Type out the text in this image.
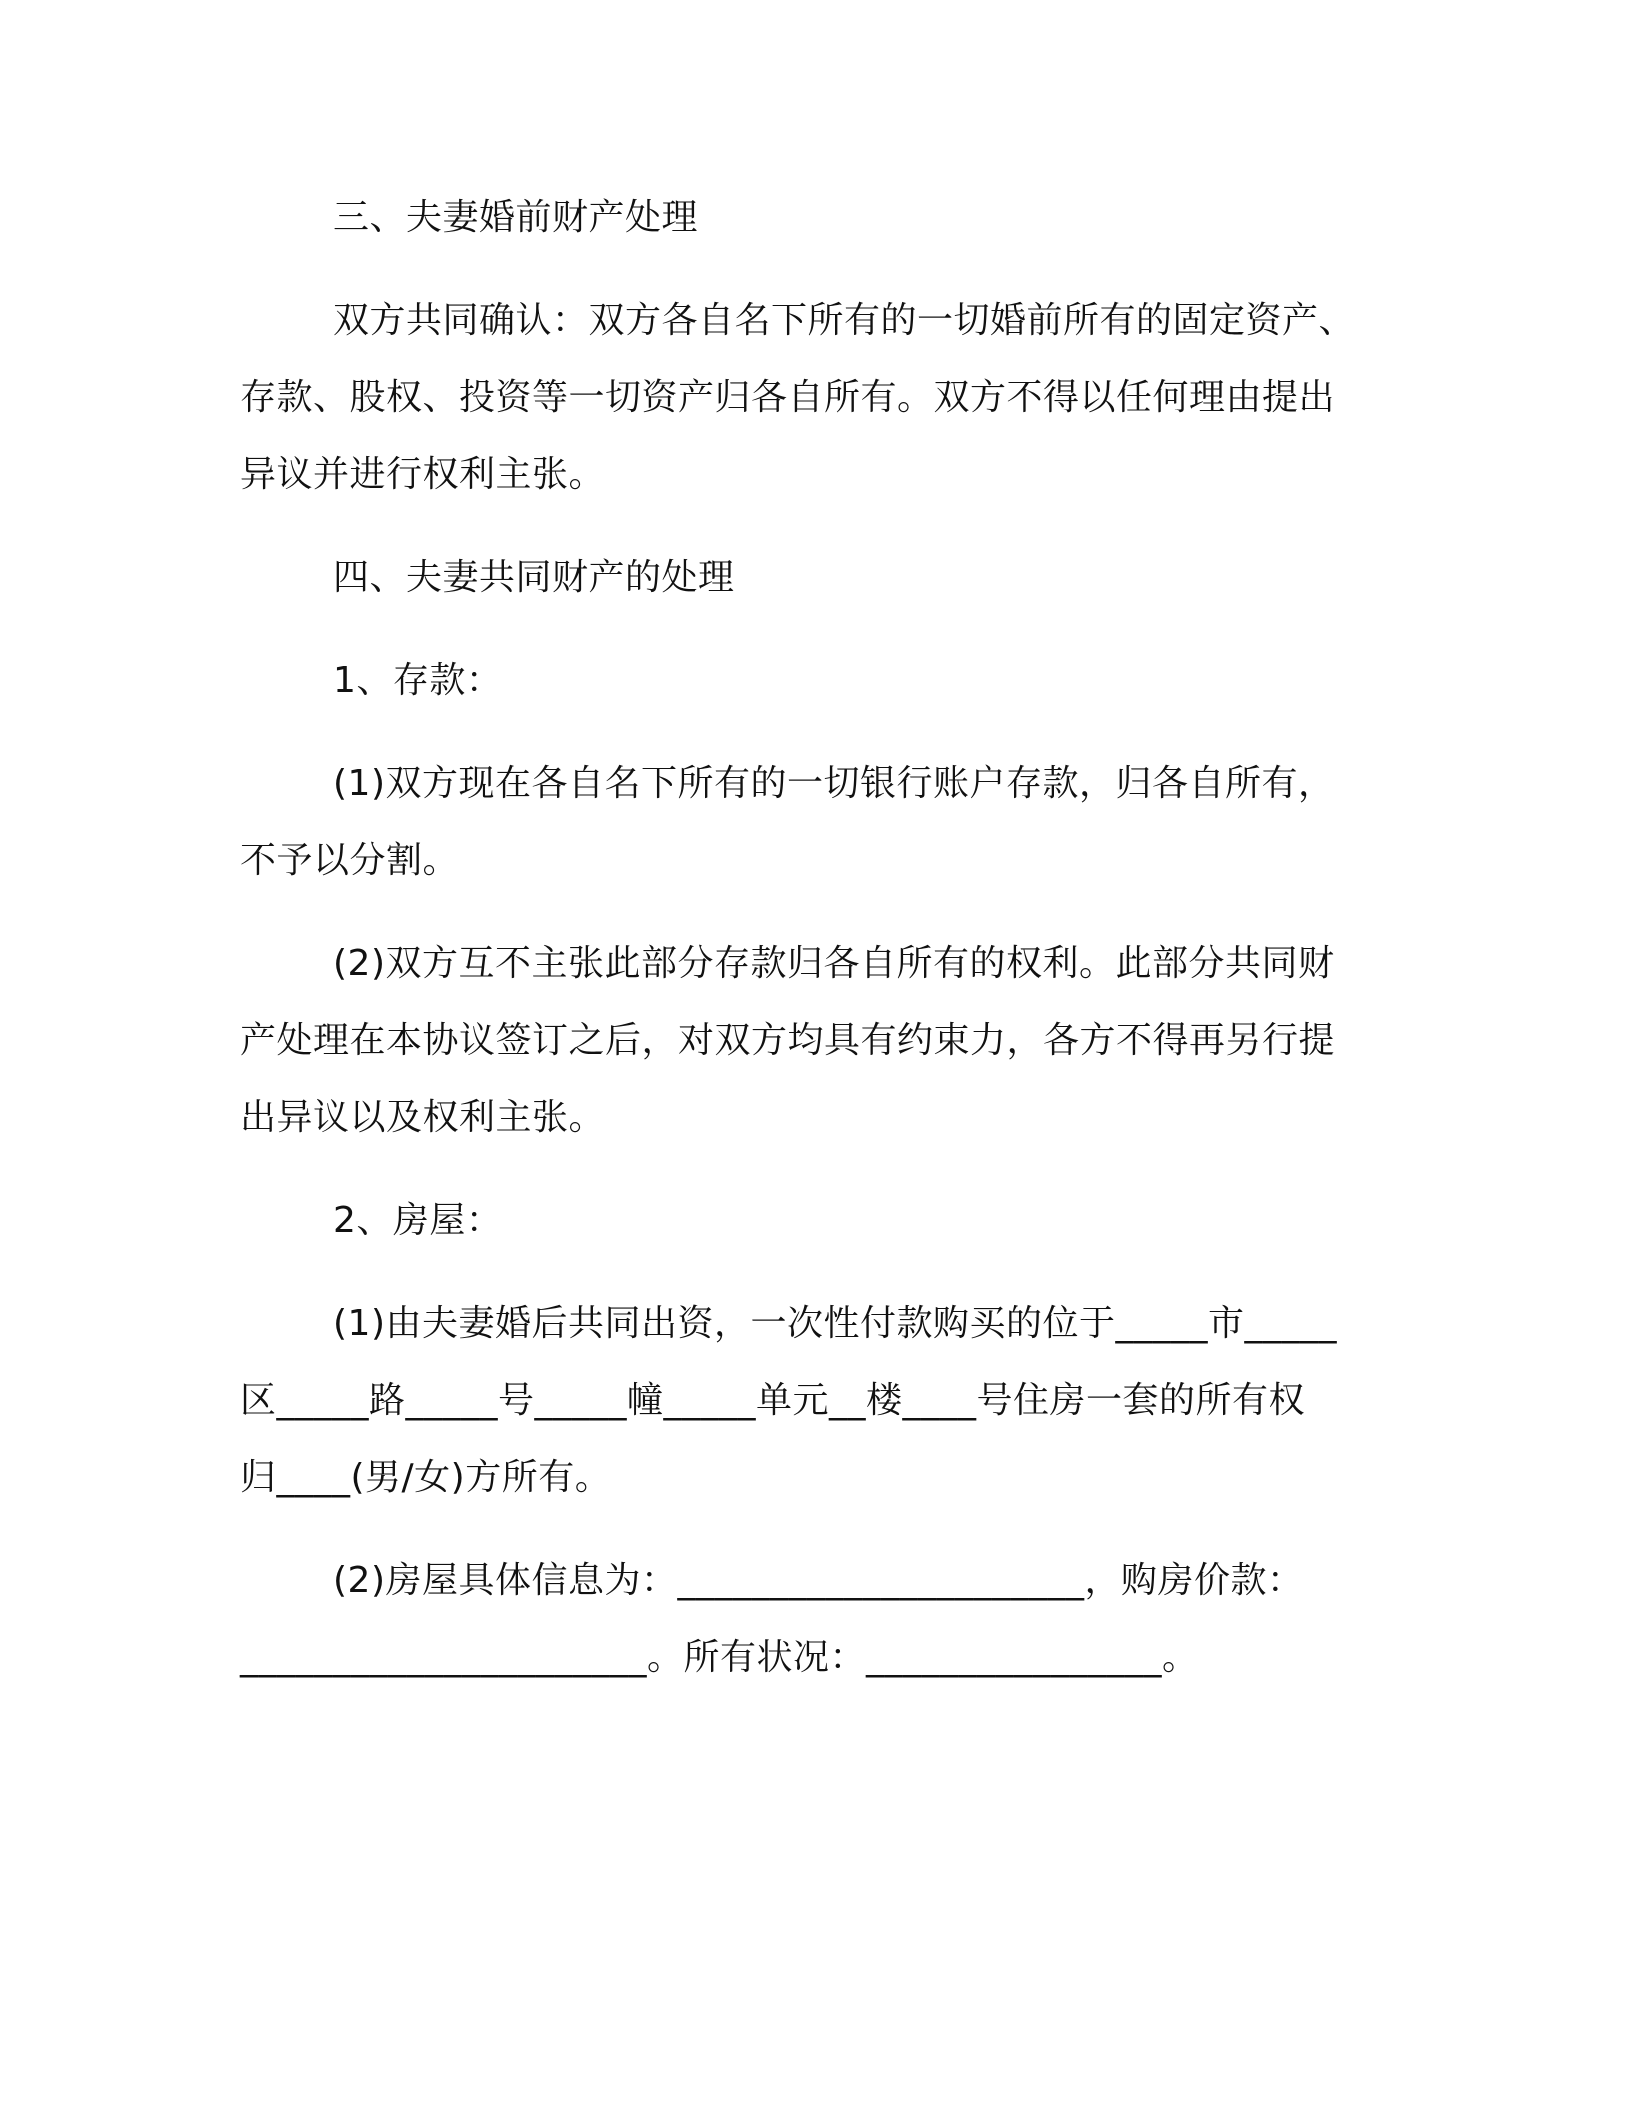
三、夫妻婚前财产处理

双方共同确认：双方各自名下所有的一切婚前所有的固定资产、

存款、股权、投资等一切资产归各自所有。双方不得以任何理由提出

异议并进行权利主张。

四、夫妻共同财产的处理

1、存款：

(1)双方现在各自名下所有的一切银行账户存款，归各自所有，

不予以分割。

(2)双方互不主张此部分存款归各自所有的权利。此部分共同财

产处理在本协议签订之后，对双方均具有约束力，各方不得再另行提

出异议以及权利主张。

2、房屋：

(1)由夫妻婚后共同出资，一次性付款购买的位于_____市_____

区_____路_____号_____幢_____单元__楼____号住房一套的所有权

归____(男/女)方所有。

(2)房屋具体信息为：______________________，购房价款：

______________________。所有状况：________________。
